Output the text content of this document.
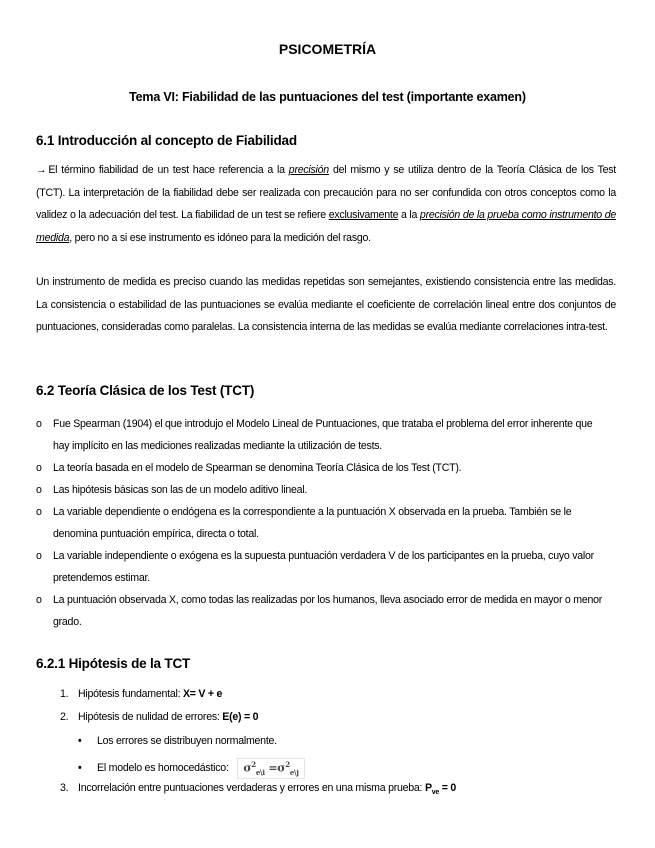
PSICOMETRÍA
Tema VI: Fiabilidad de las puntuaciones del test (importante examen)
6.1 Introducción al concepto de Fiabilidad
→ El término fiabilidad de un test hace referencia a la precisión del mismo y se utiliza dentro de la Teoría Clásica de los Test (TCT). La interpretación de la fiabilidad debe ser realizada con precaución para no ser confundida con otros conceptos como la validez o la adecuación del test. La fiabilidad de un test se refiere exclusivamente a la precisión de la prueba como instrumento de medida, pero no a si ese instrumento es idóneo para la medición del rasgo.
Un instrumento de medida es preciso cuando las medidas repetidas son semejantes, existiendo consistencia entre las medidas. La consistencia o estabilidad de las puntuaciones se evalúa mediante el coeficiente de correlación lineal entre dos conjuntos de puntuaciones, consideradas como paralelas. La consistencia interna de las medidas se evalúa mediante correlaciones intra-test.
6.2 Teoría Clásica de los Test (TCT)
o Fue Spearman (1904) el que introdujo el Modelo Lineal de Puntuaciones, que trataba el problema del error inherente que hay implícito en las mediciones realizadas mediante la utilización de tests.
o La teoría basada en el modelo de Spearman se denomina Teoría Clásica de los Test (TCT).
o Las hipótesis básicas son las de un modelo aditivo lineal.
o La variable dependiente o endógena es la correspondiente a la puntuación X observada en la prueba. También se le denomina puntuación empírica, directa o total.
o La variable independiente o exógena es la supuesta puntuación verdadera V de los participantes en la prueba, cuyo valor pretendemos estimar.
o La puntuación observada X, como todas las realizadas por los humanos, lleva asociado error de medida en mayor o menor grado.
6.2.1 Hipótesis de la TCT
1. Hipótesis fundamental: X= V + e
2. Hipótesis de nulidad de errores: E(e) = 0
• Los errores se distribuyen normalmente.
• El modelo es homocedástico: $\sigma^2_{e\backslash i} =\sigma^2_{e\backslash j}$
3. Incorrelación entre puntuaciones verdaderas y errores en una misma prueba: $P_{ve} = 0$
